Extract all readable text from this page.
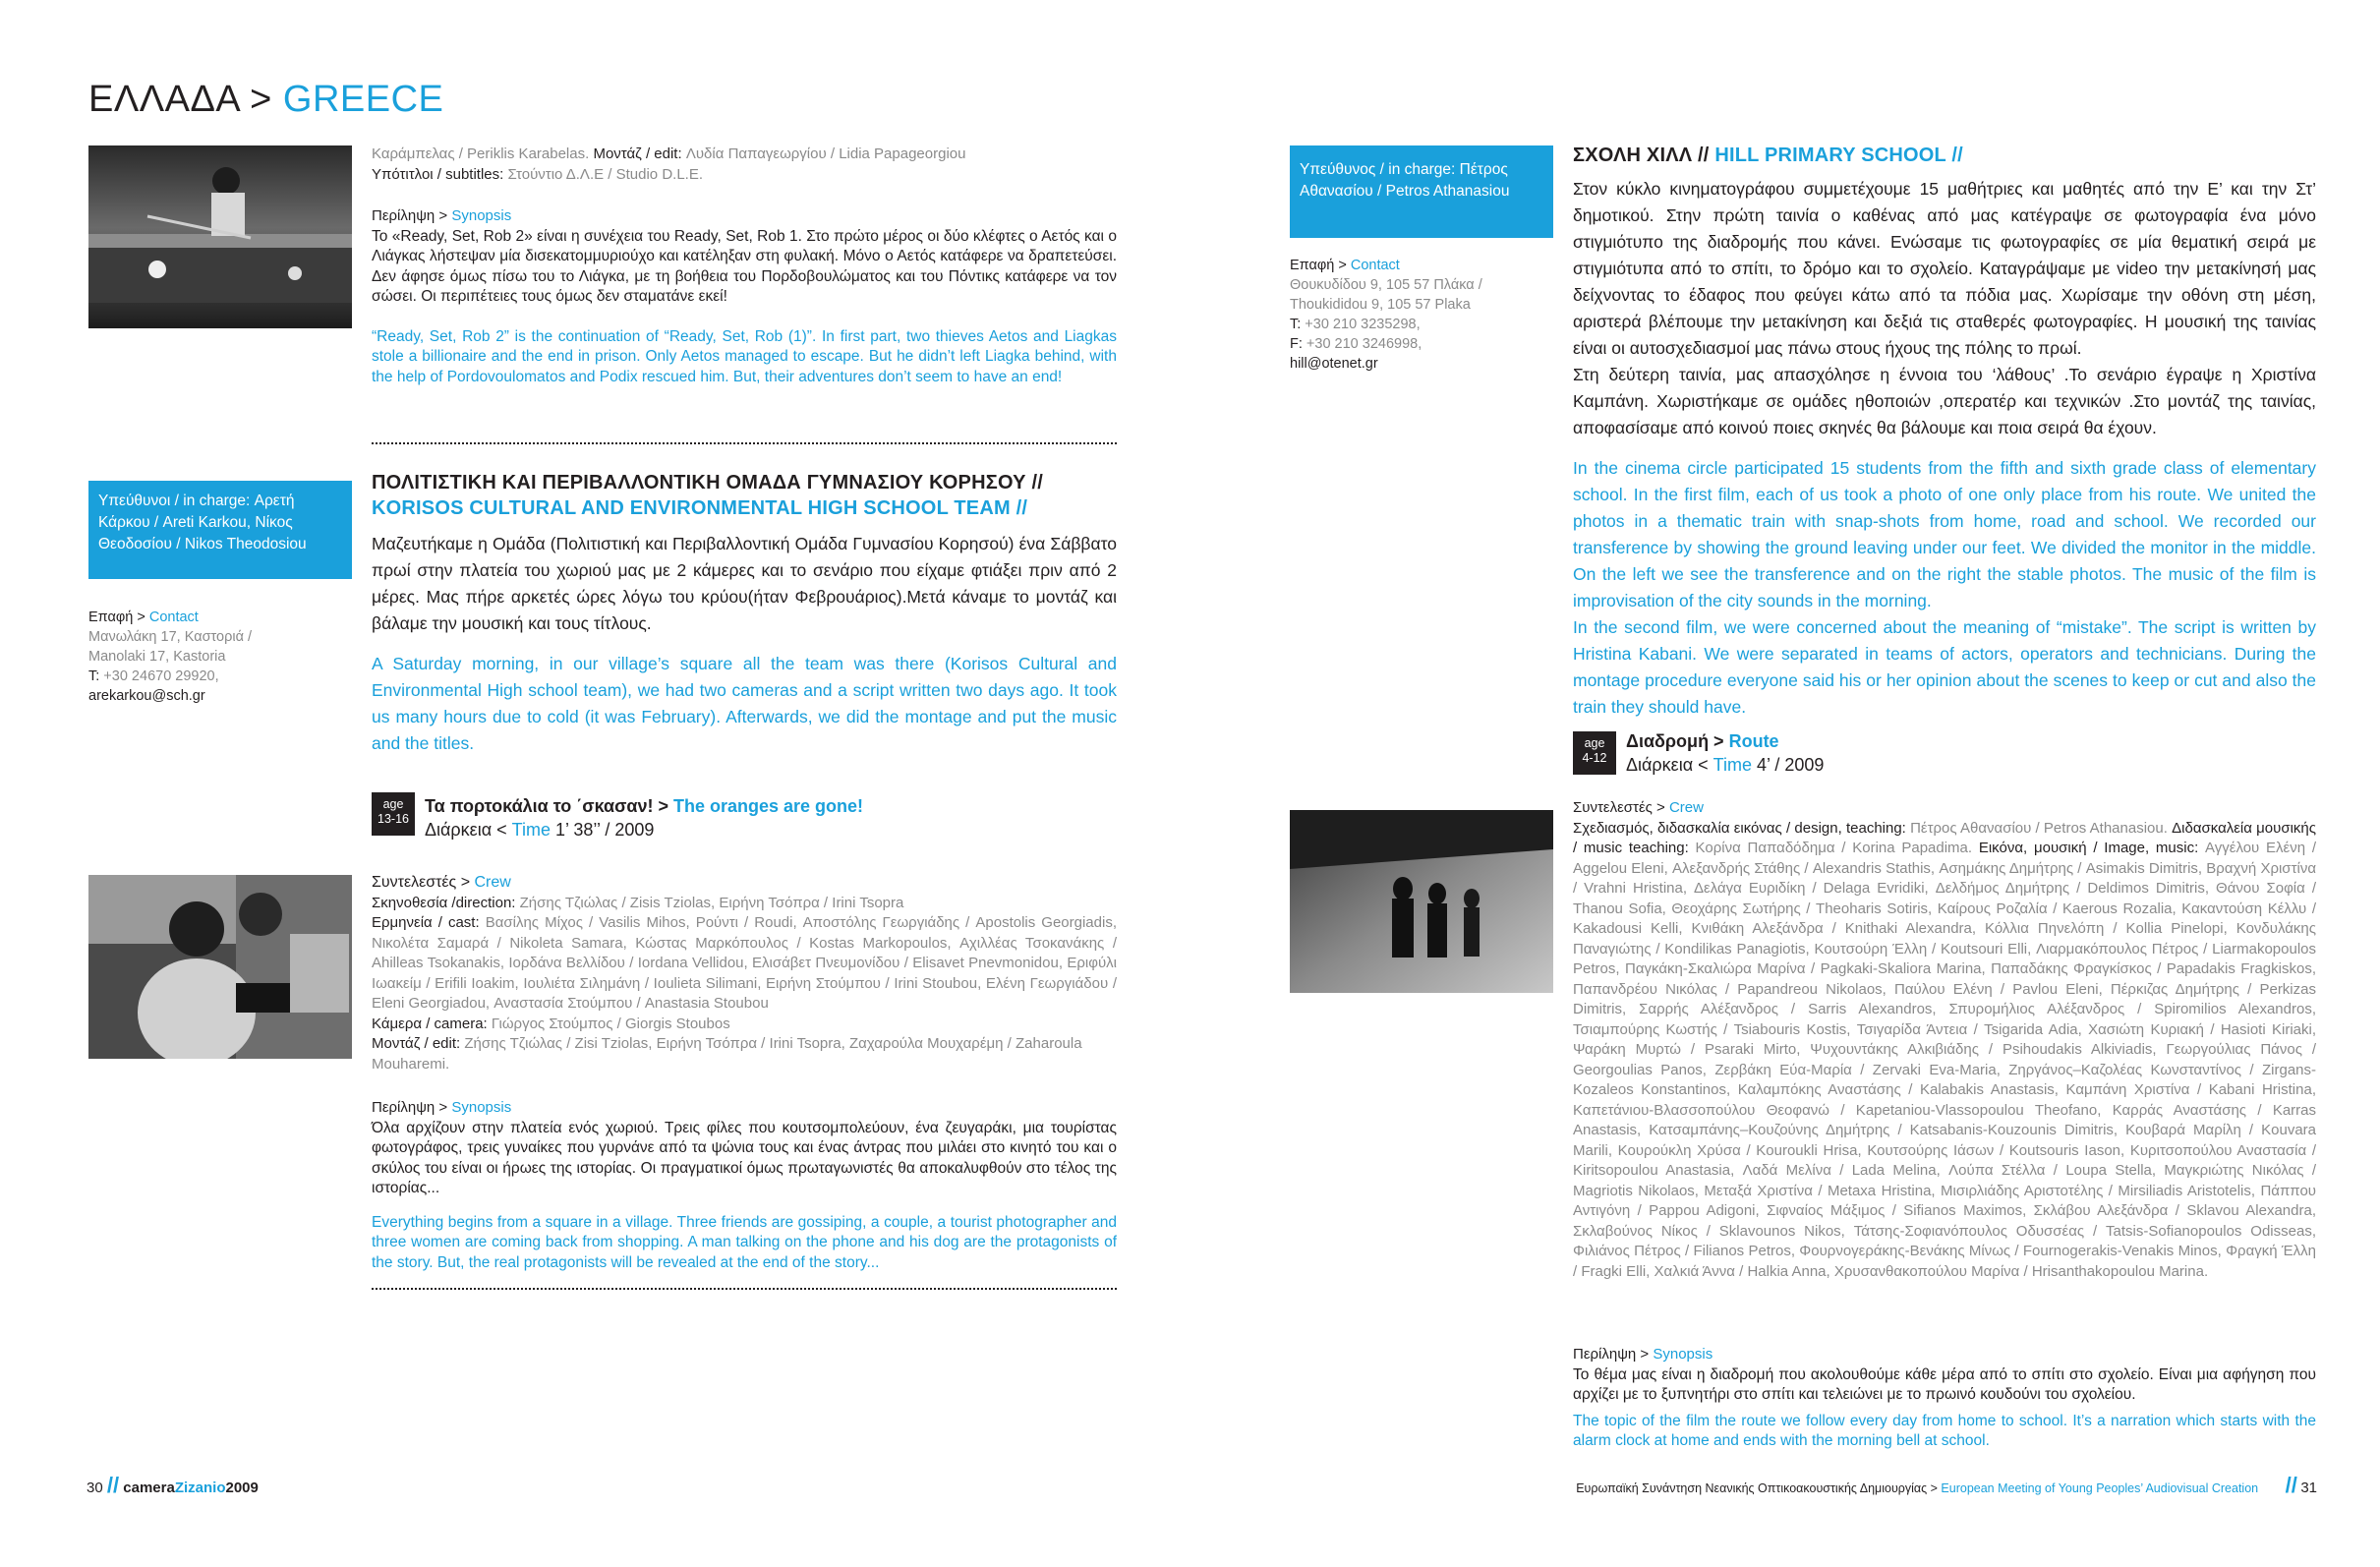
ΕΛΛΑΔΑ > GREECE
Καράμπελας / Periklis Karabelas. Μοντάζ / edit: Λυδία Παπαγεωργίου / Lidia Papageorgiou
Υπότιτλοι / subtitles: Στούντιο Δ.Λ.Ε / Studio D.L.E.
Περίληψη > Synopsis
Το «Ready, Set, Rob 2» είναι η συνέχεια του Ready, Set, Rob 1. Στο πρώτο μέρος οι δύο κλέφτες ο Αετός και ο Λιάγκας λήστεψαν μία δισεκατομμυριούχο και κατέληξαν στη φυλακή. Μόνο ο Αετός κατάφερε να δραπετεύσει. Δεν άφησε όμως πίσω του το Λιάγκα, με τη βοήθεια του Πορδοβουλώματος και του Πόντικς κατάφερε να τον σώσει. Οι περιπέτειες τους όμως δεν σταματάνε εκεί!
“Ready, Set, Rob 2” is the continuation of “Ready, Set, Rob (1)”. In first part, two thieves Aetos and Liagkas stole a billionaire and the end in prison. Only Aetos managed to escape. But he didn’t left Liagka behind, with the help of Pordovoulomatos and Podix rescued him. But, their adventures don’t seem to have an end!
Υπεύθυνοι / in charge: Αρετή Κάρκου / Areti Karkou, Νίκος Θεοδοσίου / Nikos Theodosiou
Επαφή > Contact
Μανωλάκη 17, Καστοριά /
Manolaki 17, Kastoria
T: +30 24670 29920,
arekarkou@sch.gr
ΠΟΛΙΤΙΣΤΙΚΗ ΚΑΙ ΠΕΡΙΒΑΛΛΟΝΤΙΚΗ ΟΜΑΔΑ ΓΥΜΝΑΣΙΟΥ ΚΟΡΗΣΟΥ //
KORISOS CULTURAL AND ENVIRONMENTAL HIGH SCHOOL TEAM //
Μαζευτήκαμε η Ομάδα (Πολιτιστική και Περιβαλλοντική Ομάδα Γυμνασίου Κορησού) ένα Σάββατο πρωί στην πλατεία του χωριού μας με 2 κάμερες και το σενάριο που είχαμε φτιάξει πριν από 2 μέρες. Μας πήρε αρκετές ώρες λόγω του κρύου(ήταν Φεβρουάριος).Μετά κάναμε το μοντάζ και βάλαμε την μουσική και τους τίτλους.
A Saturday morning, in our village’s square all the team was there (Korisos Cultural and Environmental High school team), we had two cameras and a script written two days ago. It took us many hours due to cold (it was February). Afterwards, we did the montage and put the music and the titles.
age
13-16
Τα πορτοκάλια το ΄σκασαν! > The oranges are gone!
Διάρκεια < Time 1’ 38’’ / 2009
Συντελεστές > Crew
Σκηνοθεσία /direction: Ζήσης Τζιώλας / Zisis Tziolas, Ειρήνη Τσόπρα / Irini Tsopra
Ερμηνεία / cast: Βασίλης Μίχος / Vasilis Mihos, Ρούντι / Roudi, Αποστόλης Γεωργιάδης / Apostolis Georgiadis, Νικολέτα Σαμαρά / Nikoleta Samara, Κώστας Μαρκόπουλος / Kostas Markopoulos, Αχιλλέας Τσοκανάκης / Ahilleas Tsokanakis, Ιορδάνα Βελλίδου / Iordana Vellidou, Ελισάβετ Πνευμονίδου / Elisavet Pnevmonidou, Εριφύλι Ιωακείμ / Erifili Ioakim, Ιουλιέτα Σιλημάνη / Ioulieta Silimani, Ειρήνη Στούμπου / Irini Stoubou, Ελένη Γεωργιάδου / Eleni Georgiadou, Αναστασία Στούμπου / Anastasia Stoubou
Κάμερα / camera: Γιώργος Στούμπος / Giorgis Stoubos
Μοντάζ / edit: Ζήσης Τζιώλας / Zisi Tziolas, Ειρήνη Τσόπρα / Irini Tsopra, Ζαχαρούλα Μουχαρέμη / Zaharoula Mouharemi.
Περίληψη > Synopsis
Όλα αρχίζουν στην πλατεία ενός χωριού. Τρεις φίλες που κουτσομπολεύουν, ένα ζευγαράκι, μια τουρίστας φωτογράφος, τρεις γυναίκες που γυρνάνε από τα ψώνια τους και ένας άντρας που μιλάει στο κινητό του και ο σκύλος του είναι οι ήρωες της ιστορίας. Οι πραγματικοί όμως πρωταγωνιστές θα αποκαλυφθούν στο τέλος της ιστορίας...
Everything begins from a square in a village. Three friends are gossiping, a couple, a tourist photographer and three women are coming back from shopping. A man talking on the phone and his dog are the protagonists of the story. But, the real protagonists will be revealed at the end of the story...
30 // cameraZizanio2009
Υπεύθυνος / in charge: Πέτρος Αθανασίου / Petros Athanasiou
Επαφή > Contact
Θουκυδίδου 9, 105 57 Πλάκα /
Thoukididou 9, 105 57 Plaka
T: +30 210 3235298,
F: +30 210 3246998,
hill@otenet.gr
ΣΧΟΛΗ ΧΙΛΛ // HILL PRIMARY SCHOOL //
Στον κύκλο κινηματογράφου συμμετέχουμε 15 μαθήτριες και μαθητές από την Ε’ και την Στ’ δημοτικού. Στην πρώτη ταινία ο καθένας από μας κατέγραψε σε φωτογραφία ένα μόνο στιγμιότυπο της διαδρομής που κάνει. Ενώσαμε τις φωτογραφίες σε μία θεματική σειρά με στιγμιότυπα από το σπίτι, το δρόμο και το σχολείο. Καταγράψαμε με video την μετακίνησή μας δείχνοντας το έδαφος που φεύγει κάτω από τα πόδια μας. Χωρίσαμε την οθόνη στη μέση, αριστερά βλέπουμε την μετακίνηση και δεξιά τις σταθερές φωτογραφίες. Η μουσική της ταινίας είναι οι αυτοσχεδιασμοί μας πάνω στους ήχους της πόλης το πρωί.
Στη δεύτερη ταινία, μας απασχόλησε η έννοια του ‘λάθους’ .Το σενάριο έγραψε η Χριστίνα Καμπάνη. Χωριστήκαμε σε ομάδες ηθοποιών ,οπερατέρ και τεχνικών .Στο μοντάζ της ταινίας, αποφασίσαμε από κοινού ποιες σκηνές θα βάλουμε και ποια σειρά θα έχουν.
In the cinema circle participated 15 students from the fifth and sixth grade class of elementary school. In the first film, each of us took a photo of one only place from his route. We united the photos in a thematic train with snap-shots from home, road and school. We recorded our transference by showing the ground leaving under our feet. We divided the monitor in the middle. On the left we see the transference and on the right the stable photos. The music of the film is improvisation of the city sounds in the morning.
In the second film, we were concerned about the meaning of “mistake”. The script is written by Hristina Kabani. We were separated in teams of actors, operators and technicians. During the montage procedure everyone said his or her opinion about the scenes to keep or cut and also the train they should have.
age
4-12
Διαδρομή > Route
Διάρκεια < Time 4’ / 2009
Συντελεστές > Crew
Σχεδιασμός, διδασκαλία εικόνας / design, teaching: Πέτρος Αθανασίου / Petros Athanasiou. Διδασκαλεία μουσικής / music teaching: Κορίνα Παπαδόδημα / Korina Papadima. Εικόνα, μουσική / Image, music: Αγγέλου Ελένη / Aggelou Eleni, Αλεξανδρής Στάθης / Alexandris Stathis, Ασημάκης Δημήτρης / Asimakis Dimitris, Βραχνή Χριστίνα / Vrahni Hristina, Δελάγα Ευριδίκη / Delaga Evridiki, Δελδήμος Δημήτρης / Deldimos Dimitris, Θάνου Σοφία / Thanou Sofia, Θεοχάρης Σωτήρης / Theoharis Sotiris, Καίρους Ροζαλία / Kaerous Rozalia, Κακαντούση Κέλλυ / Kakadousi Kelli, Κνιθάκη Αλεξάνδρα / Knithaki Alexandra, Κόλλια Πηνελόπη / Kollia Pinelopi, Κονδυλάκης Παναγιώτης / Kondilikas Panagiotis, Κουτσούρη Έλλη / Koutsouri Elli, Λιαρμακόπουλος Πέτρος / Liarmakopoulos Petros, Παγκάκη-Σκαλιώρα Μαρίνα / Pagkaki-Skaliora Marina, Παπαδάκης Φραγκίσκος / Papadakis Fragkiskos, Παπανδρέου Νικόλας / Papandreou Nikolaos, Παύλου Ελένη / Pavlou Eleni, Πέρκιζας Δημήτρης / Perkizas Dimitris, Σαρρής Αλέξανδρος / Sarris Alexandros, Σπυρομήλιος Αλέξανδρος / Spiromilios Alexandros, Τσιαμπούρης Κωστής / Tsiabouris Kostis, Τσιγαρίδα Άντεια / Tsigarida Adia, Χασιώτη Κυριακή / Hasioti Kiriaki, Ψαράκη Μυρτώ / Psaraki Mirto, Ψυχουντάκης Αλκιβιάδης / Psihoudakis Alkiviadis, Γεωργούλιας Πάνος / Georgoulias Panos, Ζερβάκη Εύα-Μαρία / Zervaki Eva-Maria, Ζηργάνος–Καζολέας Κωνσταντίνος / Zirgans-Kozaleos Konstantinos, Καλαμπόκης Αναστάσης / Kalabakis Anastasis, Καμπάνη Χριστίνα / Kabani Hristina, Καπετάνιου-Βλασσοπούλου Θεοφανώ / Kapetaniou-Vlassopoulou Theofano, Καρράς Αναστάσης / Karras Anastasis, Κατσαμπάνης–Κουζούνης Δημήτρης / Katsabanis-Kouzounis Dimitris, Κουβαρά Μαρίλη / Kouvara Marili, Κουρούκλη Χρύσα / Kouroukli Hrisa, Κουτσούρης Ιάσων / Koutsouris Iason, Κυριτσοπούλου Αναστασία / Kiritsopoulou Anastasia, Λαδά Μελίνα / Lada Melina, Λούπα Στέλλα / Loupa Stella, Μαγκριώτης Νικόλας / Magriotis Nikolaos, Μεταξά Χριστίνα / Metaxa Hristina, Μισιρλιάδης Αριστοτέλης / Mirsiliadis Aristotelis, Πάππου Αντιγόνη / Pappou Adigoni, Σιφναίος Μάξιμος / Sifianos Maximos, Σκλάβου Αλεξάνδρα / Sklavou Alexandra, Σκλαβούνος Νίκος / Sklavounos Nikos, Τάτσης-Σοφιανόπουλος Οδυσσέας / Tatsis-Sofianopoulos Odisseas, Φιλιάνος Πέτρος / Filianos Petros, Φουρνογεράκης-Βενάκης Μίνως / Fournogerakis-Venakis Minos, Φραγκή Έλλη / Fragki Elli, Χαλκιά Άννα / Halkia Anna, Χρυσανθακοπούλου Μαρίνα / Hrisanthakopoulou Marina.
Περίληψη > Synopsis
Το θέμα μας είναι η διαδρομή που ακολουθούμε κάθε μέρα από το σπίτι στο σχολείο. Είναι μια αφήγηση που αρχίζει με το ξυπνητήρι στο σπίτι και τελειώνει με το πρωινό κουδούνι του σχολείου.
The topic of the film the route we follow every day from home to school. It’s a narration which starts with the alarm clock at home and ends with the morning bell at school.
Ευρωπαϊκή Συνάντηση Νεανικής Οπτικοακουστικής Δημιουργίας > European Meeting of Young Peoples’ Audiovisual Creation // 31
